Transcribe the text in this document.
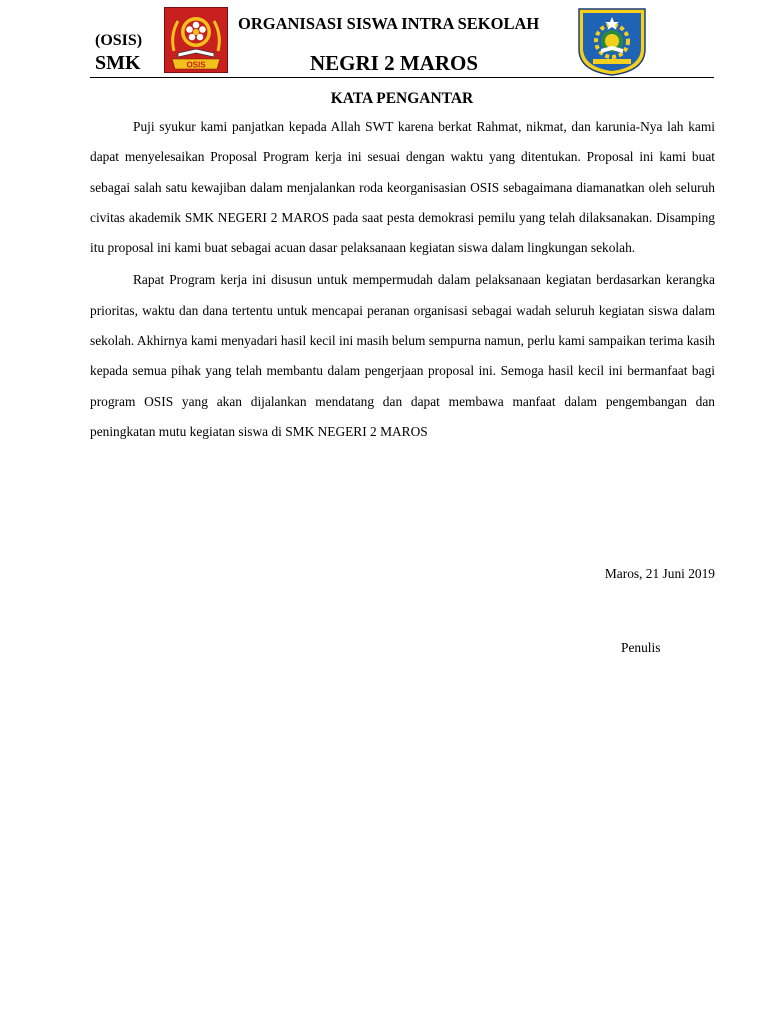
(OSIS)
SMK
ORGANISASI SISWA INTRA SEKOLAH
NEGRI 2 MAROS
OSIS
KATA PENGANTAR

Puji syukur kami panjatkan kepada Allah SWT karena berkat Rahmat, nikmat, dan karunia-Nya lah kami dapat menyelesaikan Proposal Program kerja ini sesuai dengan waktu yang ditentukan. Proposal ini kami buat sebagai salah satu kewajiban dalam menjalankan roda keorganisasian OSIS sebagaimana diamanatkan oleh seluruh civitas akademik SMK NEGERI 2 MAROS pada saat pesta demokrasi pemilu yang telah dilaksanakan. Disamping itu proposal ini kami buat sebagai acuan dasar pelaksanaan kegiatan siswa dalam lingkungan sekolah.

Rapat Program kerja ini disusun untuk mempermudah dalam pelaksanaan kegiatan berdasarkan kerangka prioritas, waktu dan dana tertentu untuk mencapai peranan organisasi sebagai wadah seluruh kegiatan siswa dalam sekolah. Akhirnya kami menyadari hasil kecil ini masih belum sempurna namun, perlu kami sampaikan terima kasih kepada semua pihak yang telah membantu dalam pengerjaan proposal ini. Semoga hasil kecil ini bermanfaat bagi program OSIS yang akan dijalankan mendatang dan dapat membawa manfaat dalam pengembangan dan peningkatan mutu kegiatan siswa di SMK NEGERI 2 MAROS

Maros, 21 Juni 2019
Penulis
